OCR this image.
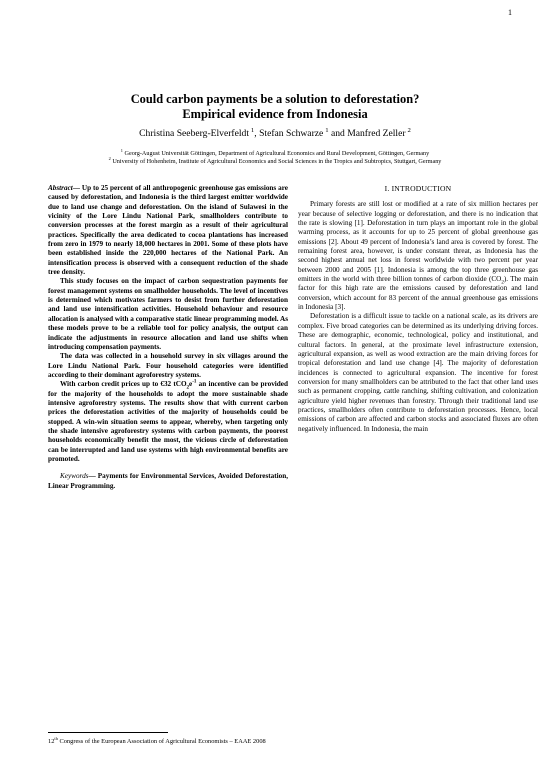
1
Could carbon payments be a solution to deforestation?
Empirical evidence from Indonesia
Christina Seeberg-Elverfeldt  $^1$, Stefan Schwarze  $^1$ and Manfred Zeller  $^2$
$^1$ Georg-August Universität Göttingen, Department of Agricultural Economics and Rural Development, Göttingen, Germany
$^2$ University of Hohenheim, Institute of Agricultural Economics and Social Sciences in the Tropics and Subtropics, Stuttgart, Germany

Abstract— Up to 25 percent of all anthropogenic greenhouse gas emissions are caused by deforestation, and Indonesia is the third largest emitter worldwide due to land use change and deforestation. On the island of Sulawesi in the vicinity of the Lore Lindu National Park, smallholders contribute to conversion processes at the forest margin as a result of their agricultural practices. Specifically the area dedicated to cocoa plantations has increased from zero in 1979 to nearly 18,000 hectares in 2001. Some of these plots have been established inside the 220,000 hectares of the National Park. An intensification process is observed with a consequent reduction of the shade tree density.

This study focuses on the impact of carbon sequestration payments for forest management systems on smallholder households. The level of incentives is determined which motivates farmers to desist from further deforestation and land use intensification activities. Household behaviour and resource allocation is analysed with a comparative static linear programming model. As these models prove to be a reliable tool for policy analysis, the output can indicate the adjustments in resource allocation and land use shifts when introducing compensation payments.

The data was collected in a household survey in six villages around the Lore Lindu National Park. Four household categories were identified according to their dominant agroforestry systems.

With carbon credit prices up to €32 $tCO_2e^{-1}$ an incentive can be provided for the majority of the households to adopt the more sustainable shade intensive agroforestry systems. The results show that with current carbon prices the deforestation activities of the majority of households could be stopped. A win-win situation seems to appear, whereby, when targeting only the shade intensive agroforestry systems with carbon payments, the poorest households economically benefit the most, the vicious circle of deforestation can be interrupted and land use systems with high environmental benefits are promoted.

Keywords— Payments for Environmental Services, Avoided Deforestation, Linear Programming.

I. INTRODUCTION

Primary forests are still lost or modified at a rate of six million hectares per year because of selective logging or deforestation, and there is no indication that the rate is slowing [1]. Deforestation in turn plays an important role in the global warming process, as it accounts for up to 25 percent of global greenhouse gas emissions [2]. About 49 percent of Indonesia’s land area is covered by forest. The remaining forest area, however, is under constant threat, as Indonesia has the second highest annual net loss in forest worldwide with two percent per year between 2000 and 2005 [1]. Indonesia is among the top three greenhouse gas emitters in the world with three billion tonnes of carbon dioxide $(CO_2)$. The main factor for this high rate are the emissions caused by deforestation and land conversion, which account for 83 percent of the annual greenhouse gas emissions in Indonesia [3].

Deforestation is a difficult issue to tackle on a national scale, as its drivers are complex. Five broad categories can be determined as its underlying driving forces. These are demographic, economic, technological, policy and institutional, and cultural factors. In general, at the proximate level infrastructure extension, agricultural expansion, as well as wood extraction are the main driving forces for tropical deforestation and land use change [4]. The majority of deforestation incidences is connected to agricultural expansion. The incentive for forest conversion for many smallholders can be attributed to the fact that other land uses such as permanent cropping, cattle ranching, shifting cultivation, and colonization agriculture yield higher revenues than forestry. Through their traditional land use practices, smallholders often contribute to deforestation processes. Hence, local emissions of carbon are affected and carbon stocks and associated fluxes are often negatively influenced. In Indonesia, the main

12th Congress of the European Association of Agricultural Economists – EAAE 2008
